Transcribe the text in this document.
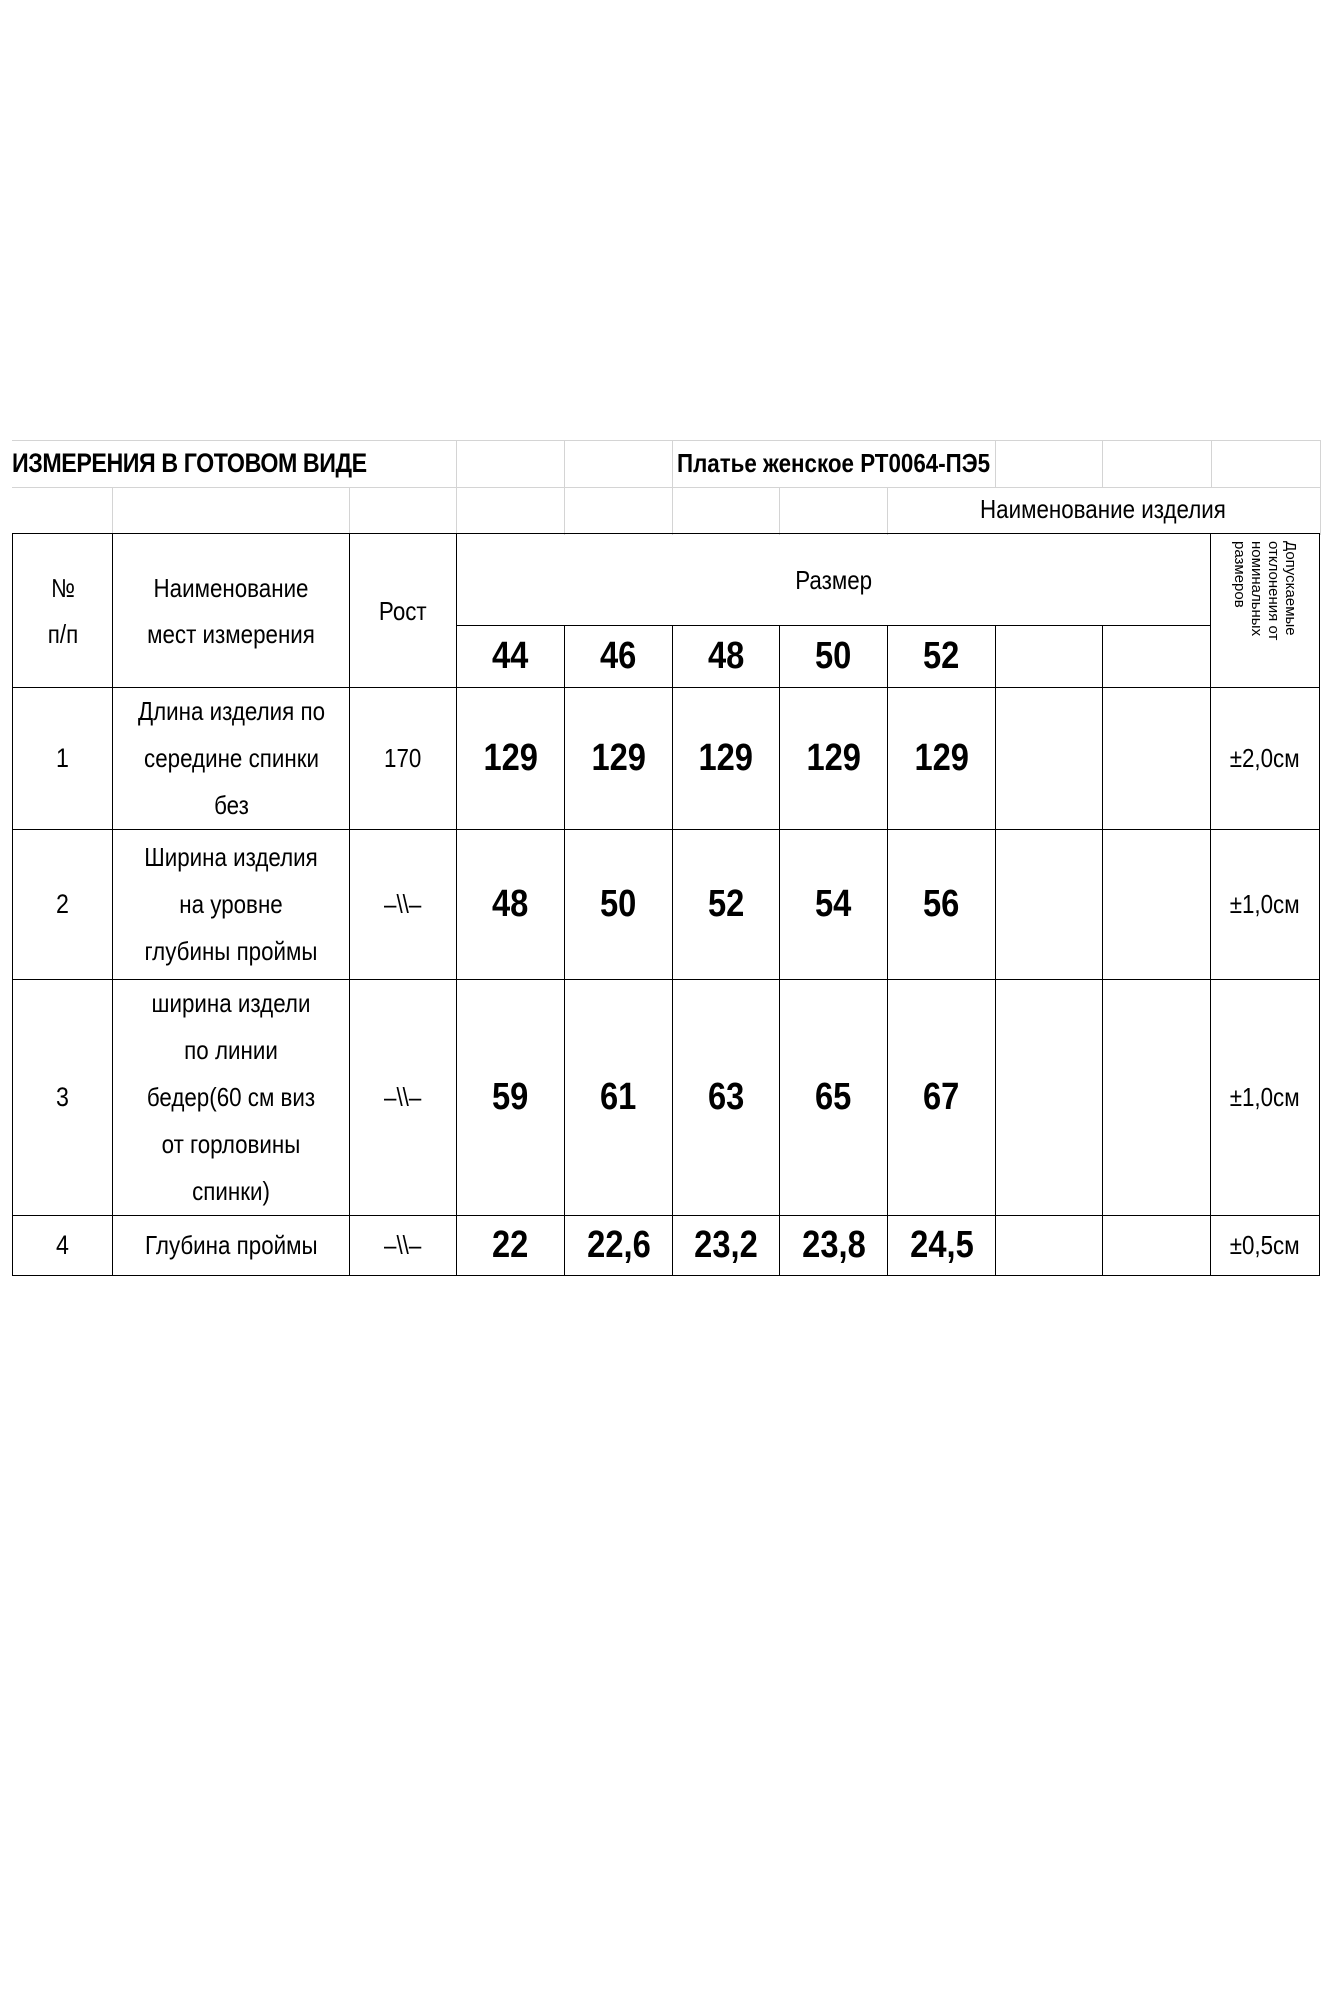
ИЗМЕРЕНИЯ В ГОТОВОМ ВИДЕ	Платье женское РТ0064-ПЭ5
Наименование изделия
№ п/п	Наименование мест измерения	Рост	Размер							Допускаемые отклонения от номинальных размеров

			44	46	48	50	52			
1	Длина изделия по середине спинки без	170	129	129	129	129	129			±2,0см
2	Ширина изделия на уровне глубины проймы	–\\–	48	50	52	54	56			±1,0см
3	ширина издели по линии бедер(60 см виз от горловины спинки)	–\\–	59	61	63	65	67			±1,0см
4	Глубина проймы	–\\–	22	22,6	23,2	23,8	24,5			±0,5см
